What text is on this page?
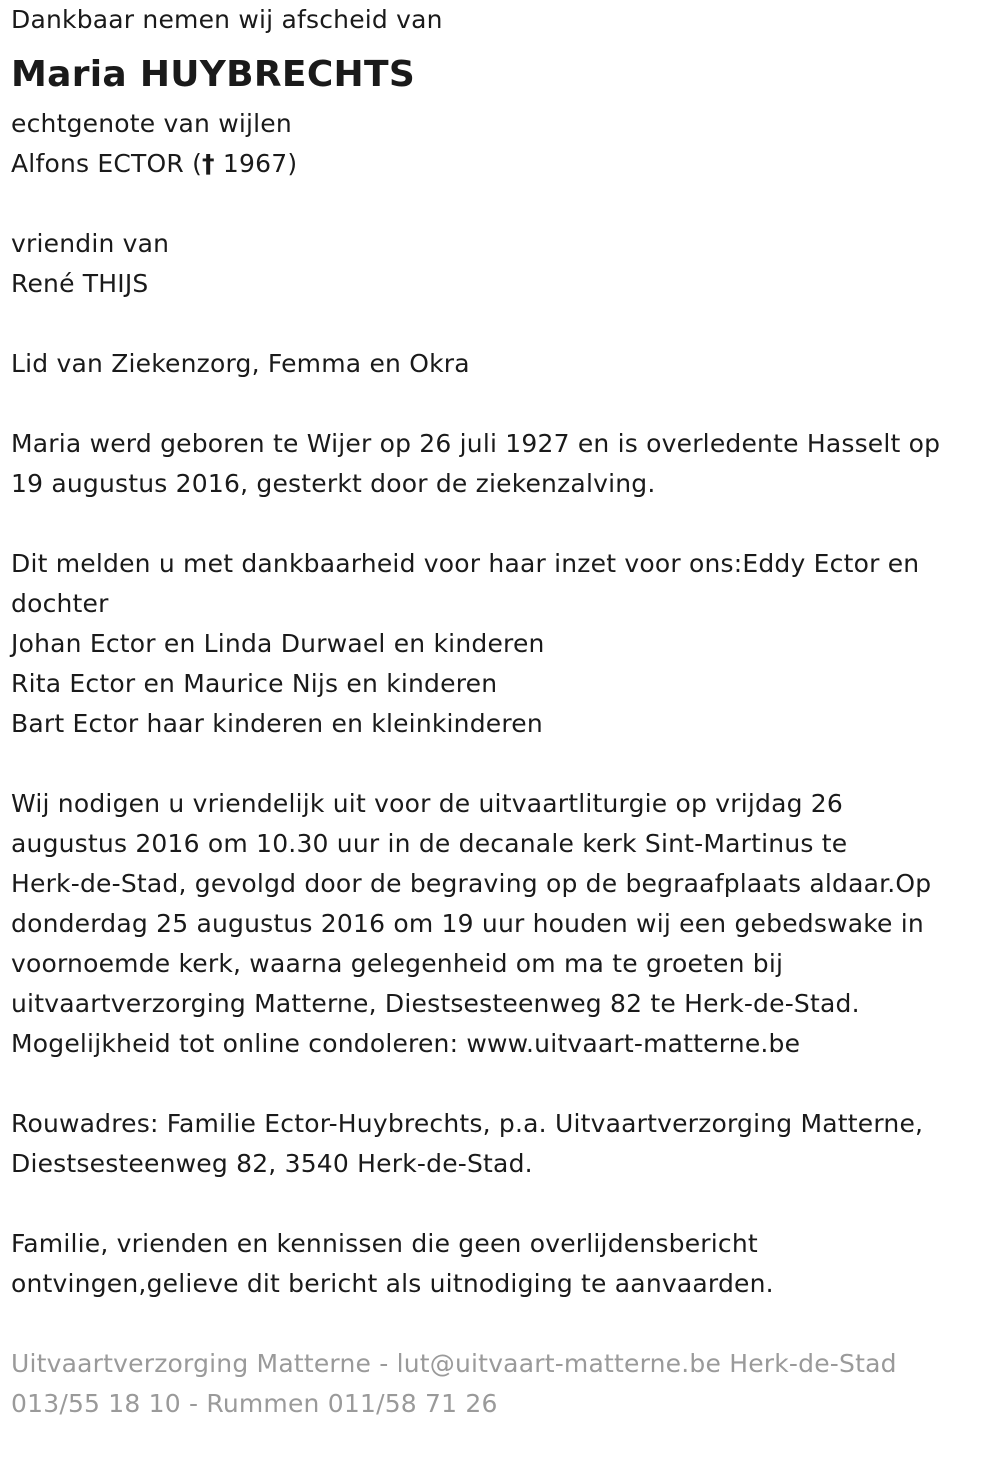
Dankbaar nemen wij afscheid van
Maria HUYBRECHTS
echtgenote van wijlen
Alfons ECTOR († 1967)
vriendin van
René THIJS
Lid van Ziekenzorg, Femma en Okra
Maria werd geboren te Wijer op 26 juli 1927 en is overledente Hasselt op
19 augustus 2016, gesterkt door de ziekenzalving.
Dit melden u met dankbaarheid voor haar inzet voor ons:Eddy Ector en
dochter
Johan Ector en Linda Durwael en kinderen
Rita Ector en Maurice Nijs en kinderen
Bart Ector haar kinderen en kleinkinderen
Wij nodigen u vriendelijk uit voor de uitvaartliturgie op vrijdag 26
augustus 2016 om 10.30 uur in de decanale kerk Sint-Martinus te
Herk-de-Stad, gevolgd door de begraving op de begraafplaats aldaar.Op
donderdag 25 augustus 2016 om 19 uur houden wij een gebedswake in
voornoemde kerk, waarna gelegenheid om ma te groeten bij
uitvaartverzorging Matterne, Diestsesteenweg 82 te Herk-de-Stad.
Mogelijkheid tot online condoleren: www.uitvaart-matterne.be
Rouwadres: Familie Ector-Huybrechts, p.a. Uitvaartverzorging Matterne,
Diestsesteenweg 82, 3540 Herk-de-Stad.
Familie, vrienden en kennissen die geen overlijdensbericht
ontvingen,gelieve dit bericht als uitnodiging te aanvaarden.
Uitvaartverzorging Matterne - lut@uitvaart-matterne.be Herk-de-Stad
013/55 18 10 - Rummen 011/58 71 26
